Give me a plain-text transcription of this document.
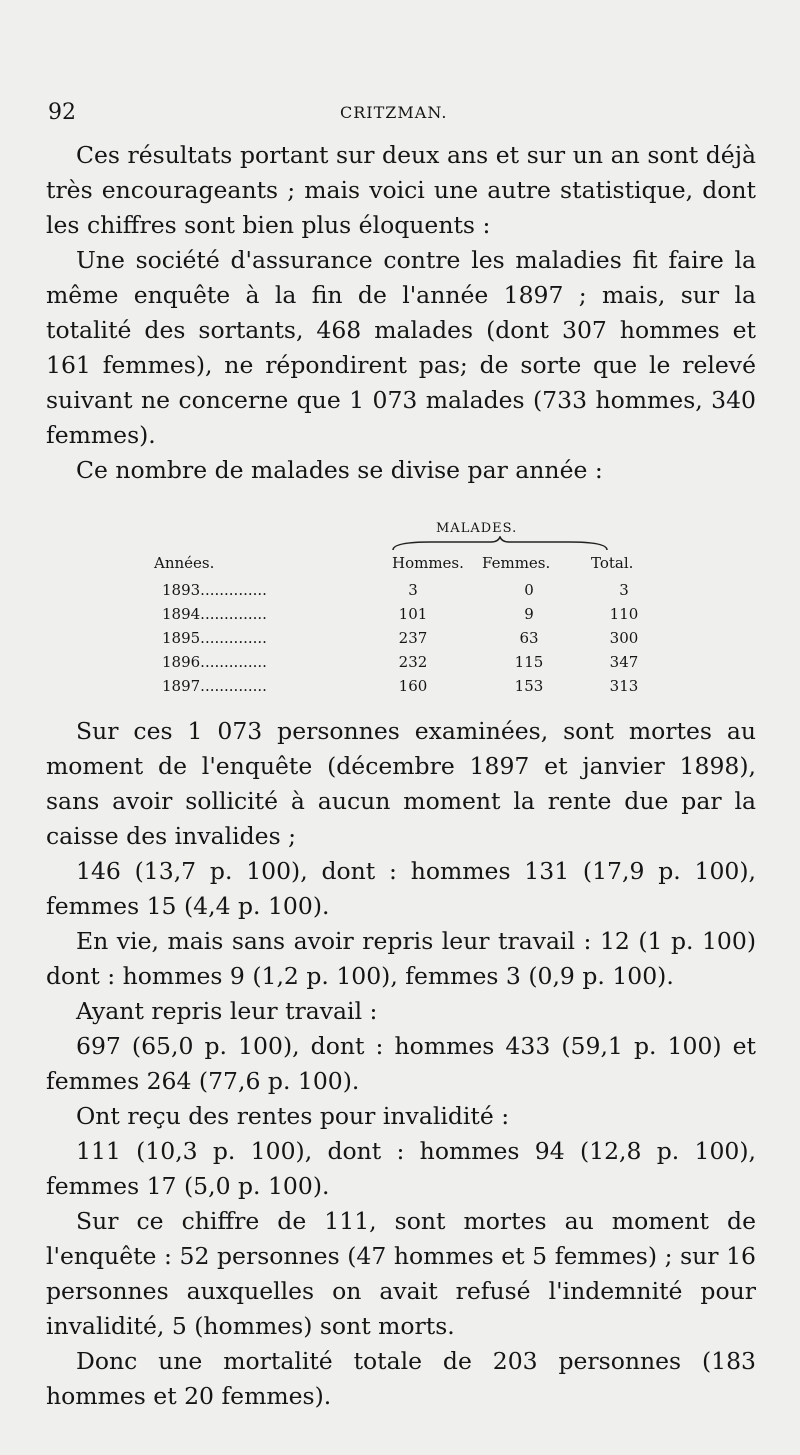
92	CRITZMAN.

Ces résultats portant sur deux ans et sur un an sont déjà très encourageants ; mais voici une autre statistique, dont les chiffres sont bien plus éloquents :

Une société d'assurance contre les maladies fit faire la même enquête à la fin de l'année 1897 ; mais, sur la totalité des sortants, 468 malades (dont 307 hommes et 161 femmes), ne répondirent pas; de sorte que le relevé suivant ne concerne que 1 073 malades (733 hommes, 340 femmes).

Ce nombre de malades se divise par année :

MALADES.
Années.	Hommes. Femmes.	Total.
1893..............	3	0	3
1894..............	101	9	110
1895..............	237	63	300
1896..............	232	115	347
1897..............	160	153	313

Sur ces 1 073 personnes examinées, sont mortes au moment de l'enquête (décembre 1897 et janvier 1898), sans avoir sollicité à aucun moment la rente due par la caisse des invalides ;

146 (13,7 p. 100), dont : hommes 131 (17,9 p. 100), femmes 15 (4,4 p. 100).

En vie, mais sans avoir repris leur travail : 12 (1 p. 100) dont : hommes 9 (1,2 p. 100), femmes 3 (0,9 p. 100).

Ayant repris leur travail :

697 (65,0 p. 100), dont : hommes 433 (59,1 p. 100) et femmes 264 (77,6 p. 100).

Ont reçu des rentes pour invalidité :

111 (10,3 p. 100), dont : hommes 94 (12,8 p. 100), femmes 17 (5,0 p. 100).

Sur ce chiffre de 111, sont mortes au moment de l'enquête : 52 personnes (47 hommes et 5 femmes) ; sur 16 personnes auxquelles on avait refusé l'indemnité pour invalidité, 5 (hommes) sont morts.

Donc une mortalité totale de 203 personnes (183 hommes et 20 femmes).
